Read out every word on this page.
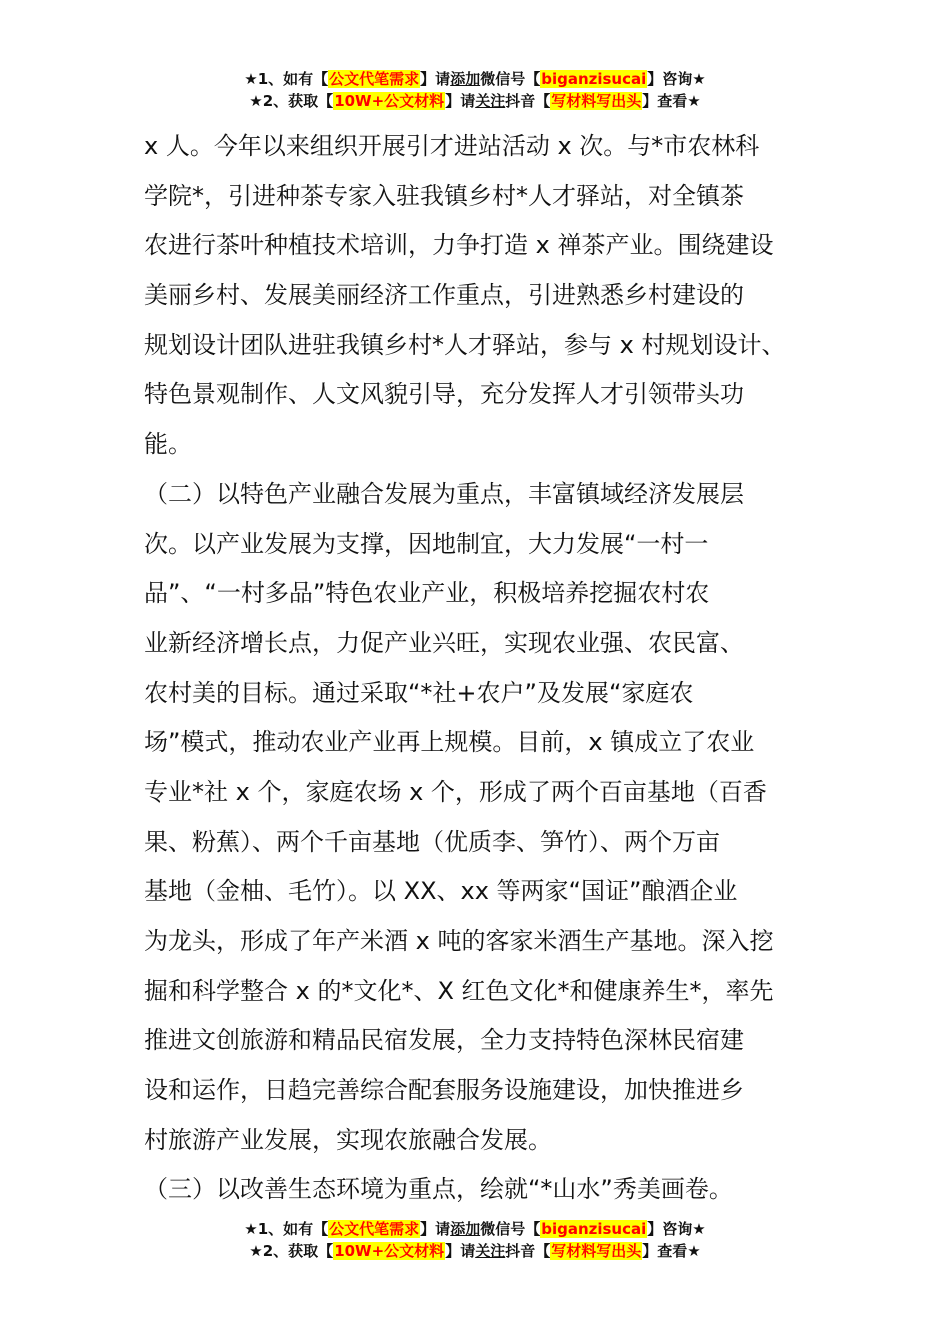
★1、如有【公文代笔需求】请添加微信号【biganzisucai】咨询★
★2、获取【10W+公文材料】请关注抖音【写材料写出头】查看★
x 人。今年以来组织开展引才进站活动 x 次。与*市农林科
学院*，引进种茶专家入驻我镇乡村*人才驿站，对全镇茶
农进行茶叶种植技术培训，力争打造 x 禅茶产业。围绕建设
美丽乡村、发展美丽经济工作重点，引进熟悉乡村建设的
规划设计团队进驻我镇乡村*人才驿站，参与 x 村规划设计、
特色景观制作、人文风貌引导，充分发挥人才引领带头功
能。
（二）以特色产业融合发展为重点，丰富镇域经济发展层
次。以产业发展为支撑，因地制宜，大力发展“一村一
品”、“一村多品”特色农业产业，积极培养挖掘农村农
业新经济增长点，力促产业兴旺，实现农业强、农民富、
农村美的目标。通过采取“*社+农户”及发展“家庭农
场”模式，推动农业产业再上规模。目前，x 镇成立了农业
专业*社 x 个，家庭农场 x 个，形成了两个百亩基地（百香
果、粉蕉）、两个千亩基地（优质李、笋竹）、两个万亩
基地（金柚、毛竹）。以 XX、xx 等两家“国证”酿酒企业
为龙头，形成了年产米酒 x 吨的客家米酒生产基地。深入挖
掘和科学整合 x 的*文化*、X 红色文化*和健康养生*，率先
推进文创旅游和精品民宿发展，全力支持特色深林民宿建
设和运作，日趋完善综合配套服务设施建设，加快推进乡
村旅游产业发展，实现农旅融合发展。
（三）以改善生态环境为重点，绘就“*山水”秀美画卷。
★1、如有【公文代笔需求】请添加微信号【biganzisucai】咨询★
★2、获取【10W+公文材料】请关注抖音【写材料写出头】查看★
